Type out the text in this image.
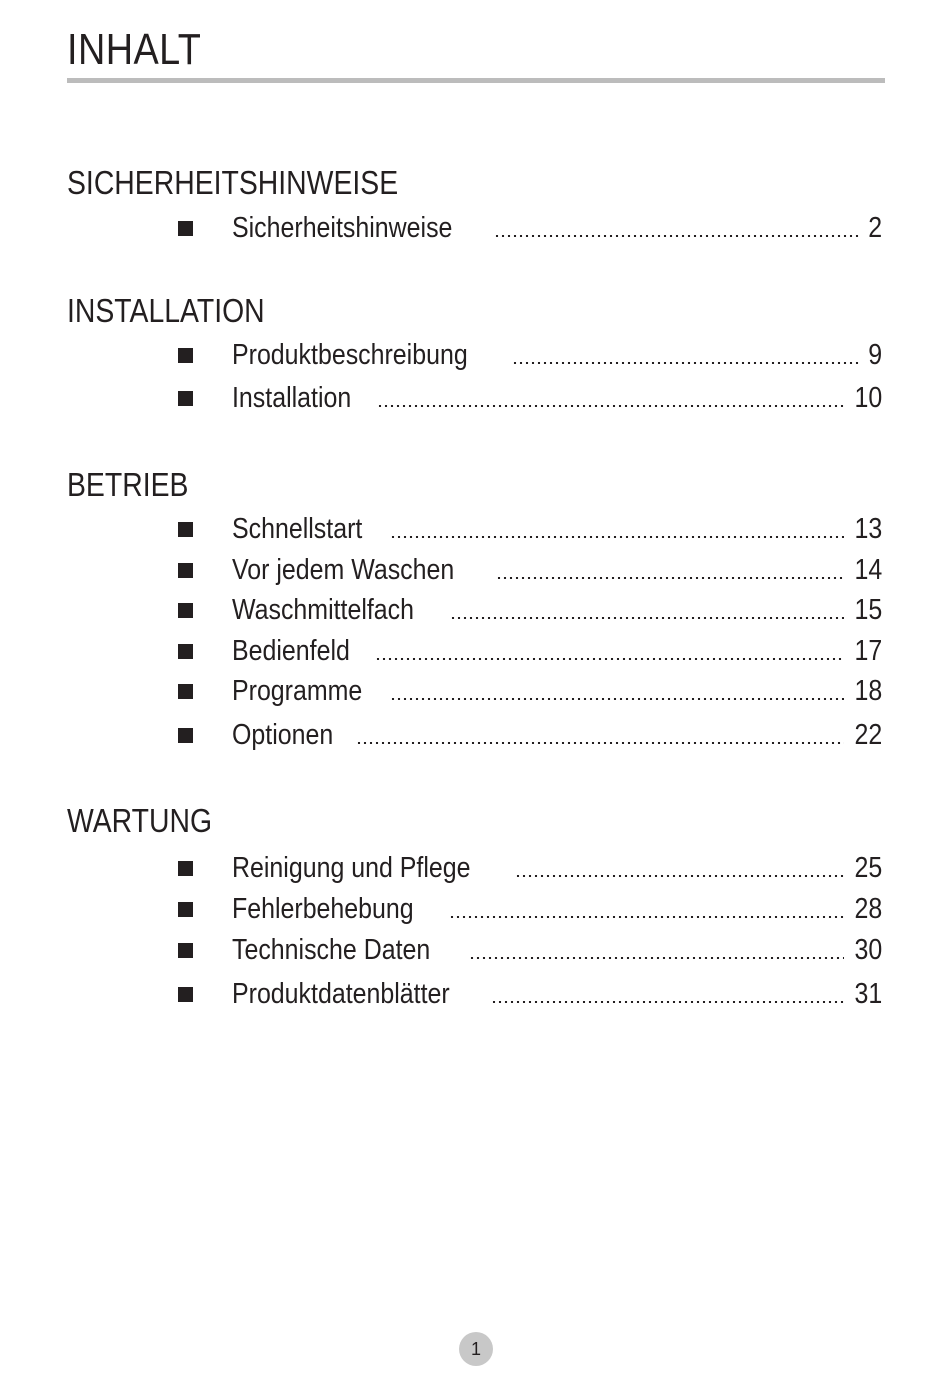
INHALT
SICHERHEITSHINWEISE
Sicherheitshinweise	2
INSTALLATION
Produktbeschreibung	9
Installation	10
BETRIEB
Schnellstart	13
Vor jedem Waschen	14
Waschmittelfach	15
Bedienfeld	17
Programme	18
Optionen	22
WARTUNG
Reinigung und Pflege	25
Fehlerbehebung	28
Technische Daten	30
Produktdatenblätter	31
1
